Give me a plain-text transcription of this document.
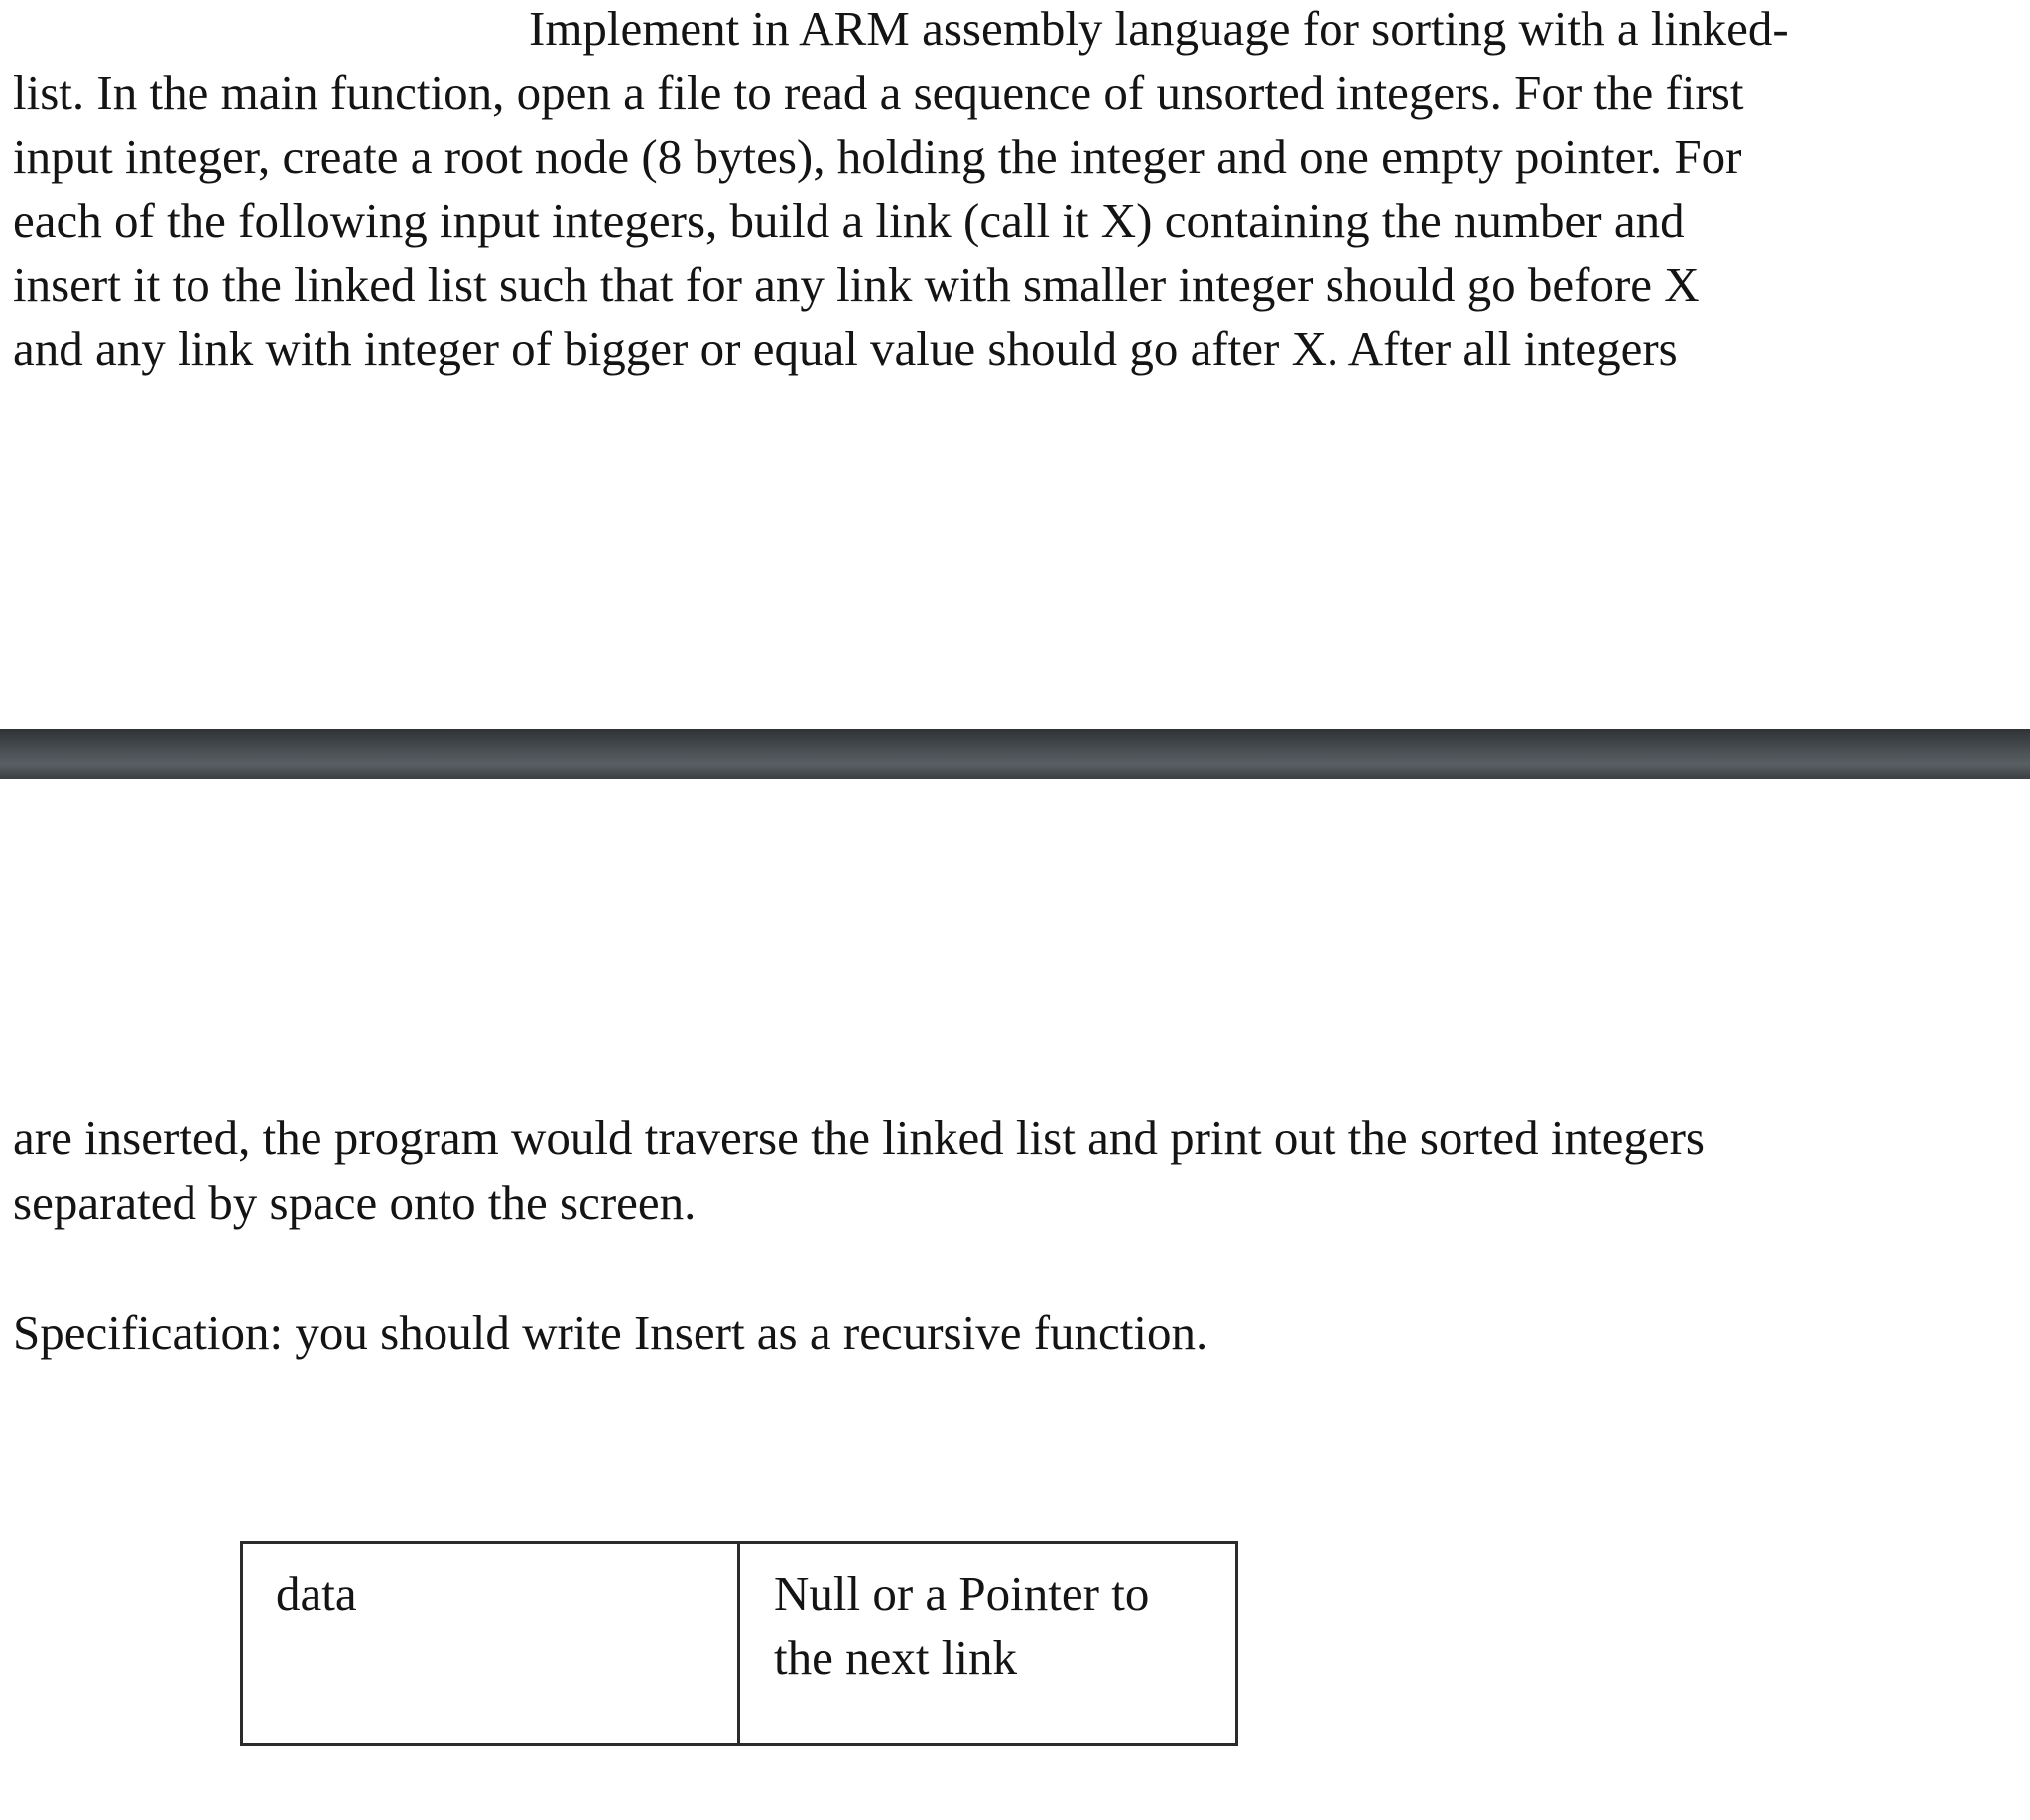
Implement in ARM assembly language for sorting with a linked-
list. In the main function, open a file to read a sequence of unsorted integers. For the first
input integer, create a root node (8 bytes), holding the integer and one empty pointer. For
each of the following input integers, build a link (call it X) containing the number and
insert it to the linked list such that for any link with smaller integer should go before X
and any link with integer of bigger or equal value should go after X. After all integers

are inserted, the program would traverse the linked list and print out the sorted integers
separated by space onto the screen.

Specification: you should write Insert as a recursive function.

data	Null or a Pointer to
the next link
